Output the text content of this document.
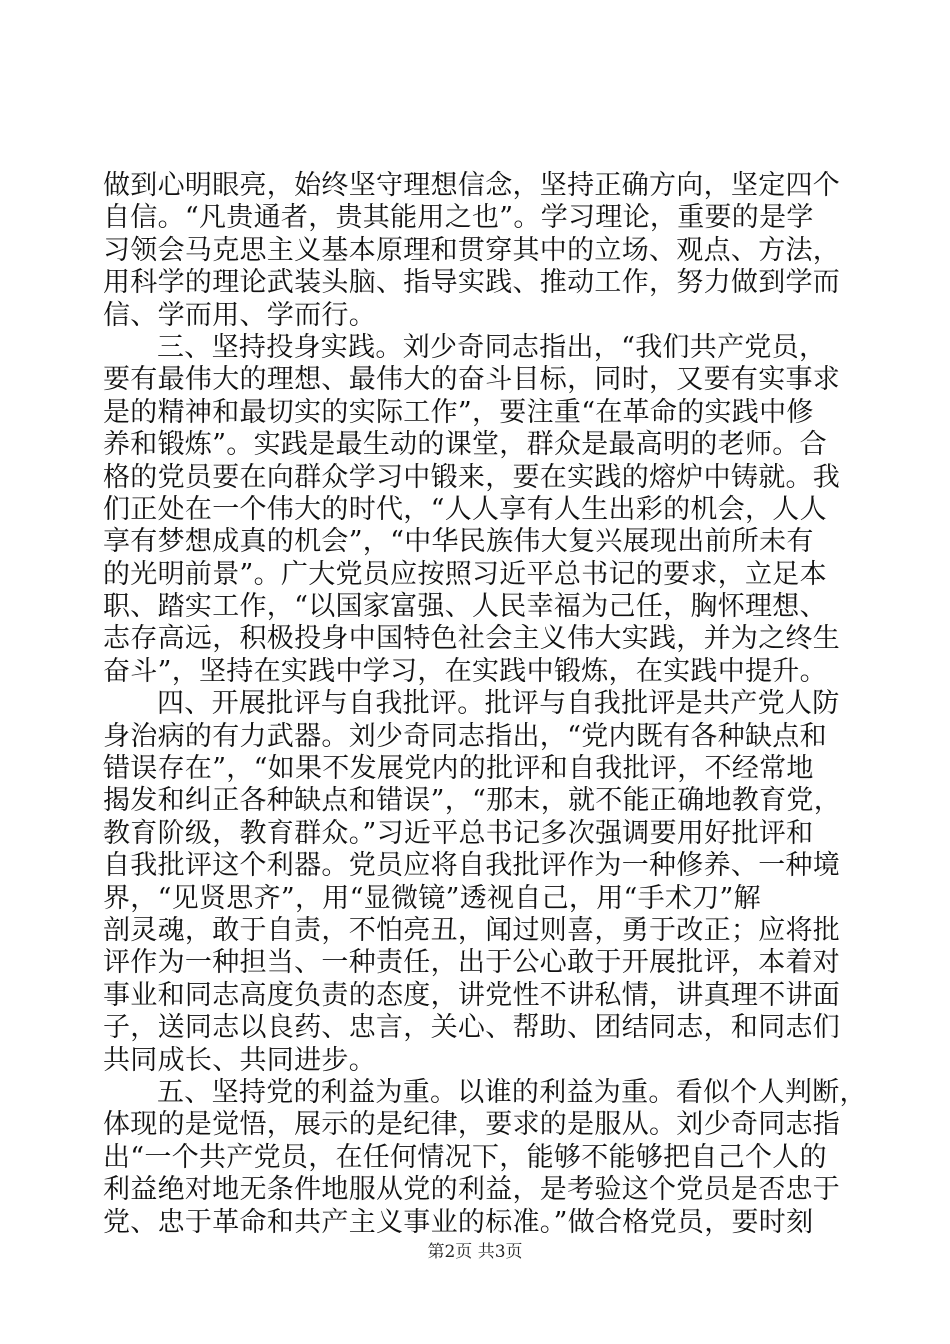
做到心明眼亮，始终坚守理想信念，坚持正确方向，坚定四个
自信。“凡贵通者，贵其能用之也”。学习理论，重要的是学
习领会马克思主义基本原理和贯穿其中的立场、观点、方法，
用科学的理论武装头脑、指导实践、推动工作，努力做到学而
信、学而用、学而行。
三、坚持投身实践。刘少奇同志指出，“我们共产党员，
要有最伟大的理想、最伟大的奋斗目标，同时，又要有实事求
是的精神和最切实的实际工作”，要注重“在革命的实践中修
养和锻炼”。实践是最生动的课堂，群众是最高明的老师。合
格的党员要在向群众学习中锻来，要在实践的熔炉中铸就。我
们正处在一个伟大的时代，“人人享有人生出彩的机会，人人
享有梦想成真的机会”，“中华民族伟大复兴展现出前所未有
的光明前景”。广大党员应按照习近平总书记的要求，立足本
职、踏实工作，“以国家富强、人民幸福为己任，胸怀理想、
志存高远，积极投身中国特色社会主义伟大实践，并为之终生
奋斗”，坚持在实践中学习，在实践中锻炼，在实践中提升。
四、开展批评与自我批评。批评与自我批评是共产党人防
身治病的有力武器。刘少奇同志指出，“党内既有各种缺点和
错误存在”，“如果不发展党内的批评和自我批评，不经常地
揭发和纠正各种缺点和错误”，“那末，就不能正确地教育党，
教育阶级，教育群众。”习近平总书记多次强调要用好批评和
自我批评这个利器。党员应将自我批评作为一种修养、一种境
界，“见贤思齐”，用“显微镜”透视自己，用“手术刀”解
剖灵魂，敢于自责，不怕亮丑，闻过则喜，勇于改正；应将批
评作为一种担当、一种责任，出于公心敢于开展批评，本着对
事业和同志高度负责的态度，讲党性不讲私情，讲真理不讲面
子，送同志以良药、忠言，关心、帮助、团结同志，和同志们
共同成长、共同进步。
五、坚持党的利益为重。以谁的利益为重。看似个人判断，
体现的是觉悟，展示的是纪律，要求的是服从。刘少奇同志指
出“一个共产党员，在任何情况下，能够不能够把自己个人的
利益绝对地无条件地服从党的利益，是考验这个党员是否忠于
党、忠于革命和共产主义事业的标准。”做合格党员，要时刻
第2页 共3页
